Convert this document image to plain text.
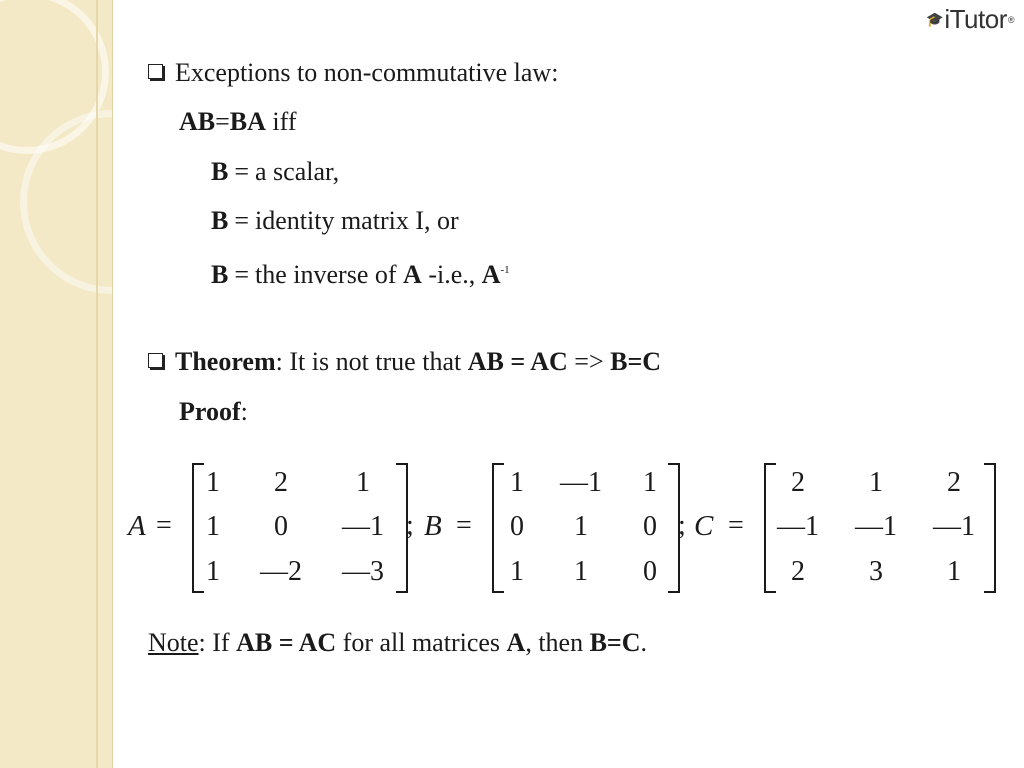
🎓 iTutor ®
Exceptions to non-commutative law:
AB=BA iff
B = a scalar,
B = identity matrix I, or
B = the inverse of A -i.e., $A^{-1}$
Theorem: It is not true that AB = AC => B=C
Proof:
A =
1	2	1
1	0	—1
1	—2	—3
; B =
1	—1	1
0	1	0
1	1	0
; C =
2	1	2
—1	—1	—1
2	3	1
Note: If AB = AC for all matrices A, then B=C.
